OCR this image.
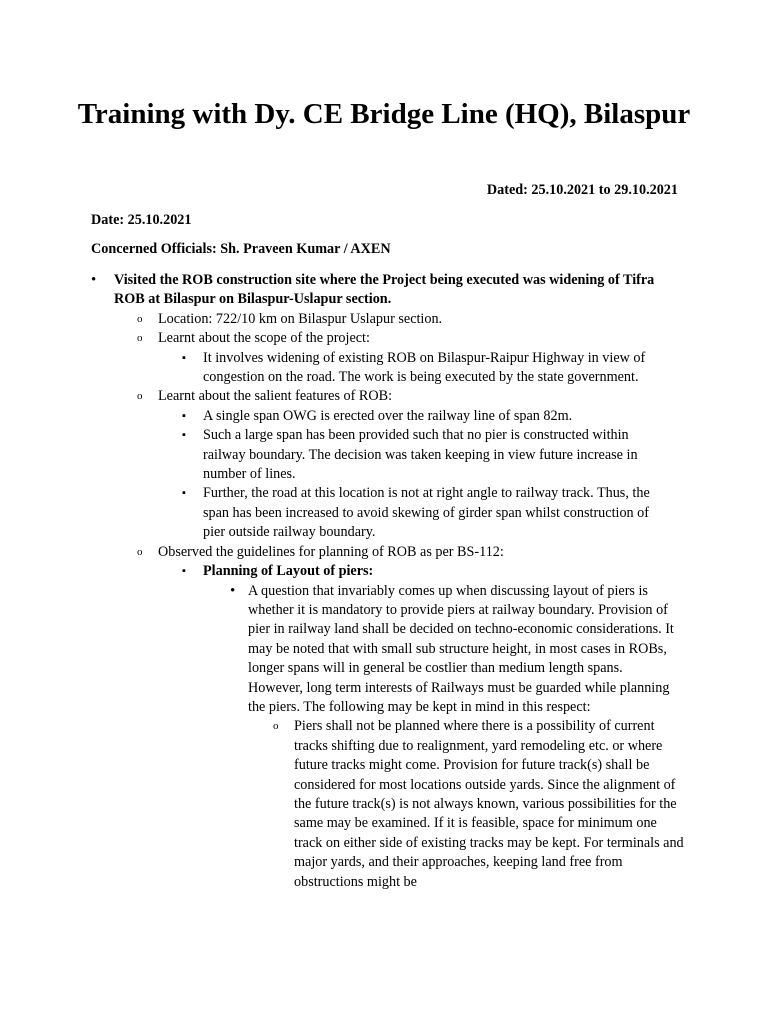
Training with Dy. CE Bridge Line (HQ), Bilaspur
Dated: 25.10.2021 to 29.10.2021
Date: 25.10.2021
Concerned Officials: Sh. Praveen Kumar / AXEN
• Visited the ROB construction site where the Project being executed was widening of Tifra ROB at Bilaspur on Bilaspur-Uslapur section.
o Location: 722/10 km on Bilaspur Uslapur section.
o Learnt about the scope of the project:
▪ It involves widening of existing ROB on Bilaspur-Raipur Highway in view of congestion on the road. The work is being executed by the state government.
o Learnt about the salient features of ROB:
▪ A single span OWG is erected over the railway line of span 82m.
▪ Such a large span has been provided such that no pier is constructed within railway boundary. The decision was taken keeping in view future increase in number of lines.
▪ Further, the road at this location is not at right angle to railway track. Thus, the span has been increased to avoid skewing of girder span whilst construction of pier outside railway boundary.
o Observed the guidelines for planning of ROB as per BS-112:
▪ Planning of Layout of piers:
• A question that invariably comes up when discussing layout of piers is whether it is mandatory to provide piers at railway boundary. Provision of pier in railway land shall be decided on techno-economic considerations. It may be noted that with small sub structure height, in most cases in ROBs, longer spans will in general be costlier than medium length spans. However, long term interests of Railways must be guarded while planning the piers. The following may be kept in mind in this respect:
o Piers shall not be planned where there is a possibility of current tracks shifting due to realignment, yard remodeling etc. or where future tracks might come. Provision for future track(s) shall be considered for most locations outside yards. Since the alignment of the future track(s) is not always known, various possibilities for the same may be examined. If it is feasible, space for minimum one track on either side of existing tracks may be kept. For terminals and major yards, and their approaches, keeping land free from obstructions might be
